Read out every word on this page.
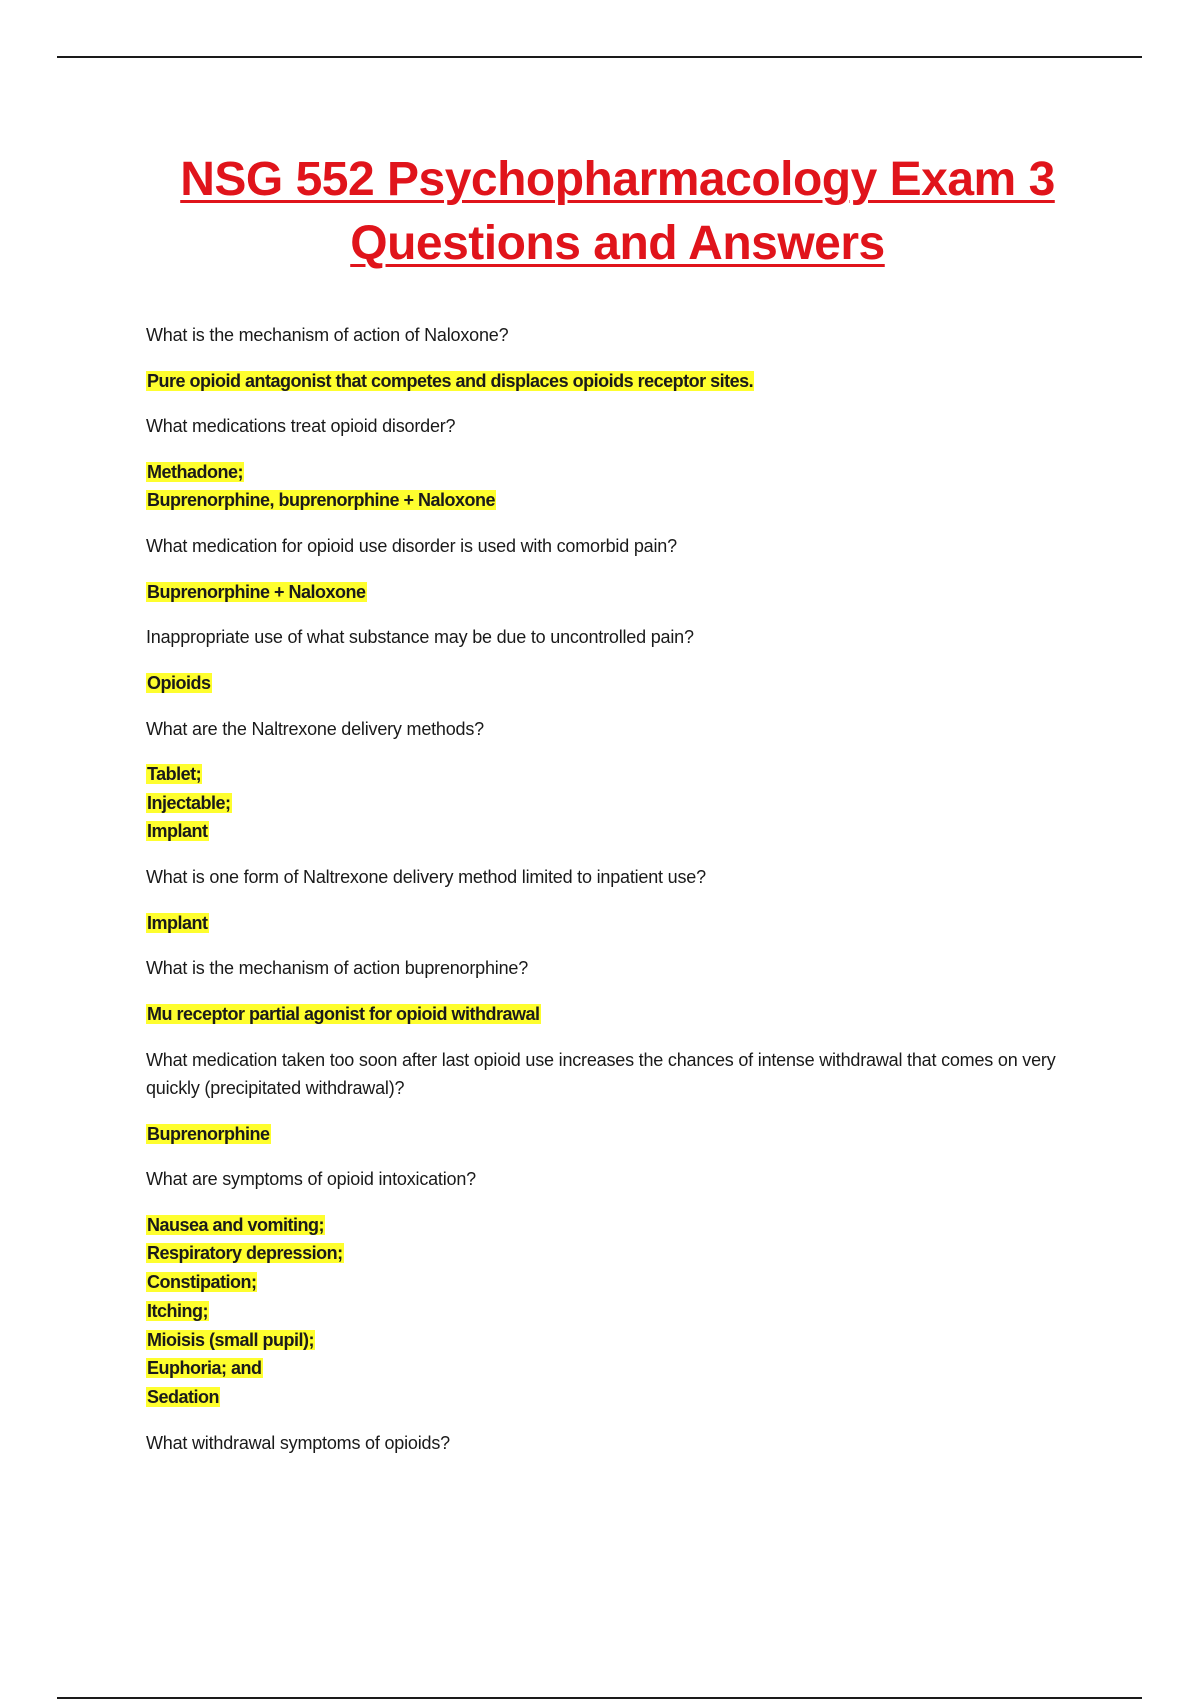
NSG 552 Psychopharmacology Exam 3
Questions and Answers

What is the mechanism of action of Naloxone?

Pure opioid antagonist that competes and displaces opioids receptor sites.

What medications treat opioid disorder?

Methadone;
Buprenorphine, buprenorphine + Naloxone

What medication for opioid use disorder is used with comorbid pain?

Buprenorphine + Naloxone

Inappropriate use of what substance may be due to uncontrolled pain?

Opioids

What are the Naltrexone delivery methods?

Tablet;
Injectable;
Implant

What is one form of Naltrexone delivery method limited to inpatient use?

Implant

What is the mechanism of action buprenorphine?

Mu receptor partial agonist for opioid withdrawal

What medication taken too soon after last opioid use increases the chances of intense withdrawal that comes on very quickly (precipitated withdrawal)?

Buprenorphine

What are symptoms of opioid intoxication?

Nausea and vomiting;
Respiratory depression;
Constipation;
Itching;
Mioisis (small pupil);
Euphoria; and
Sedation

What withdrawal symptoms of opioids?
